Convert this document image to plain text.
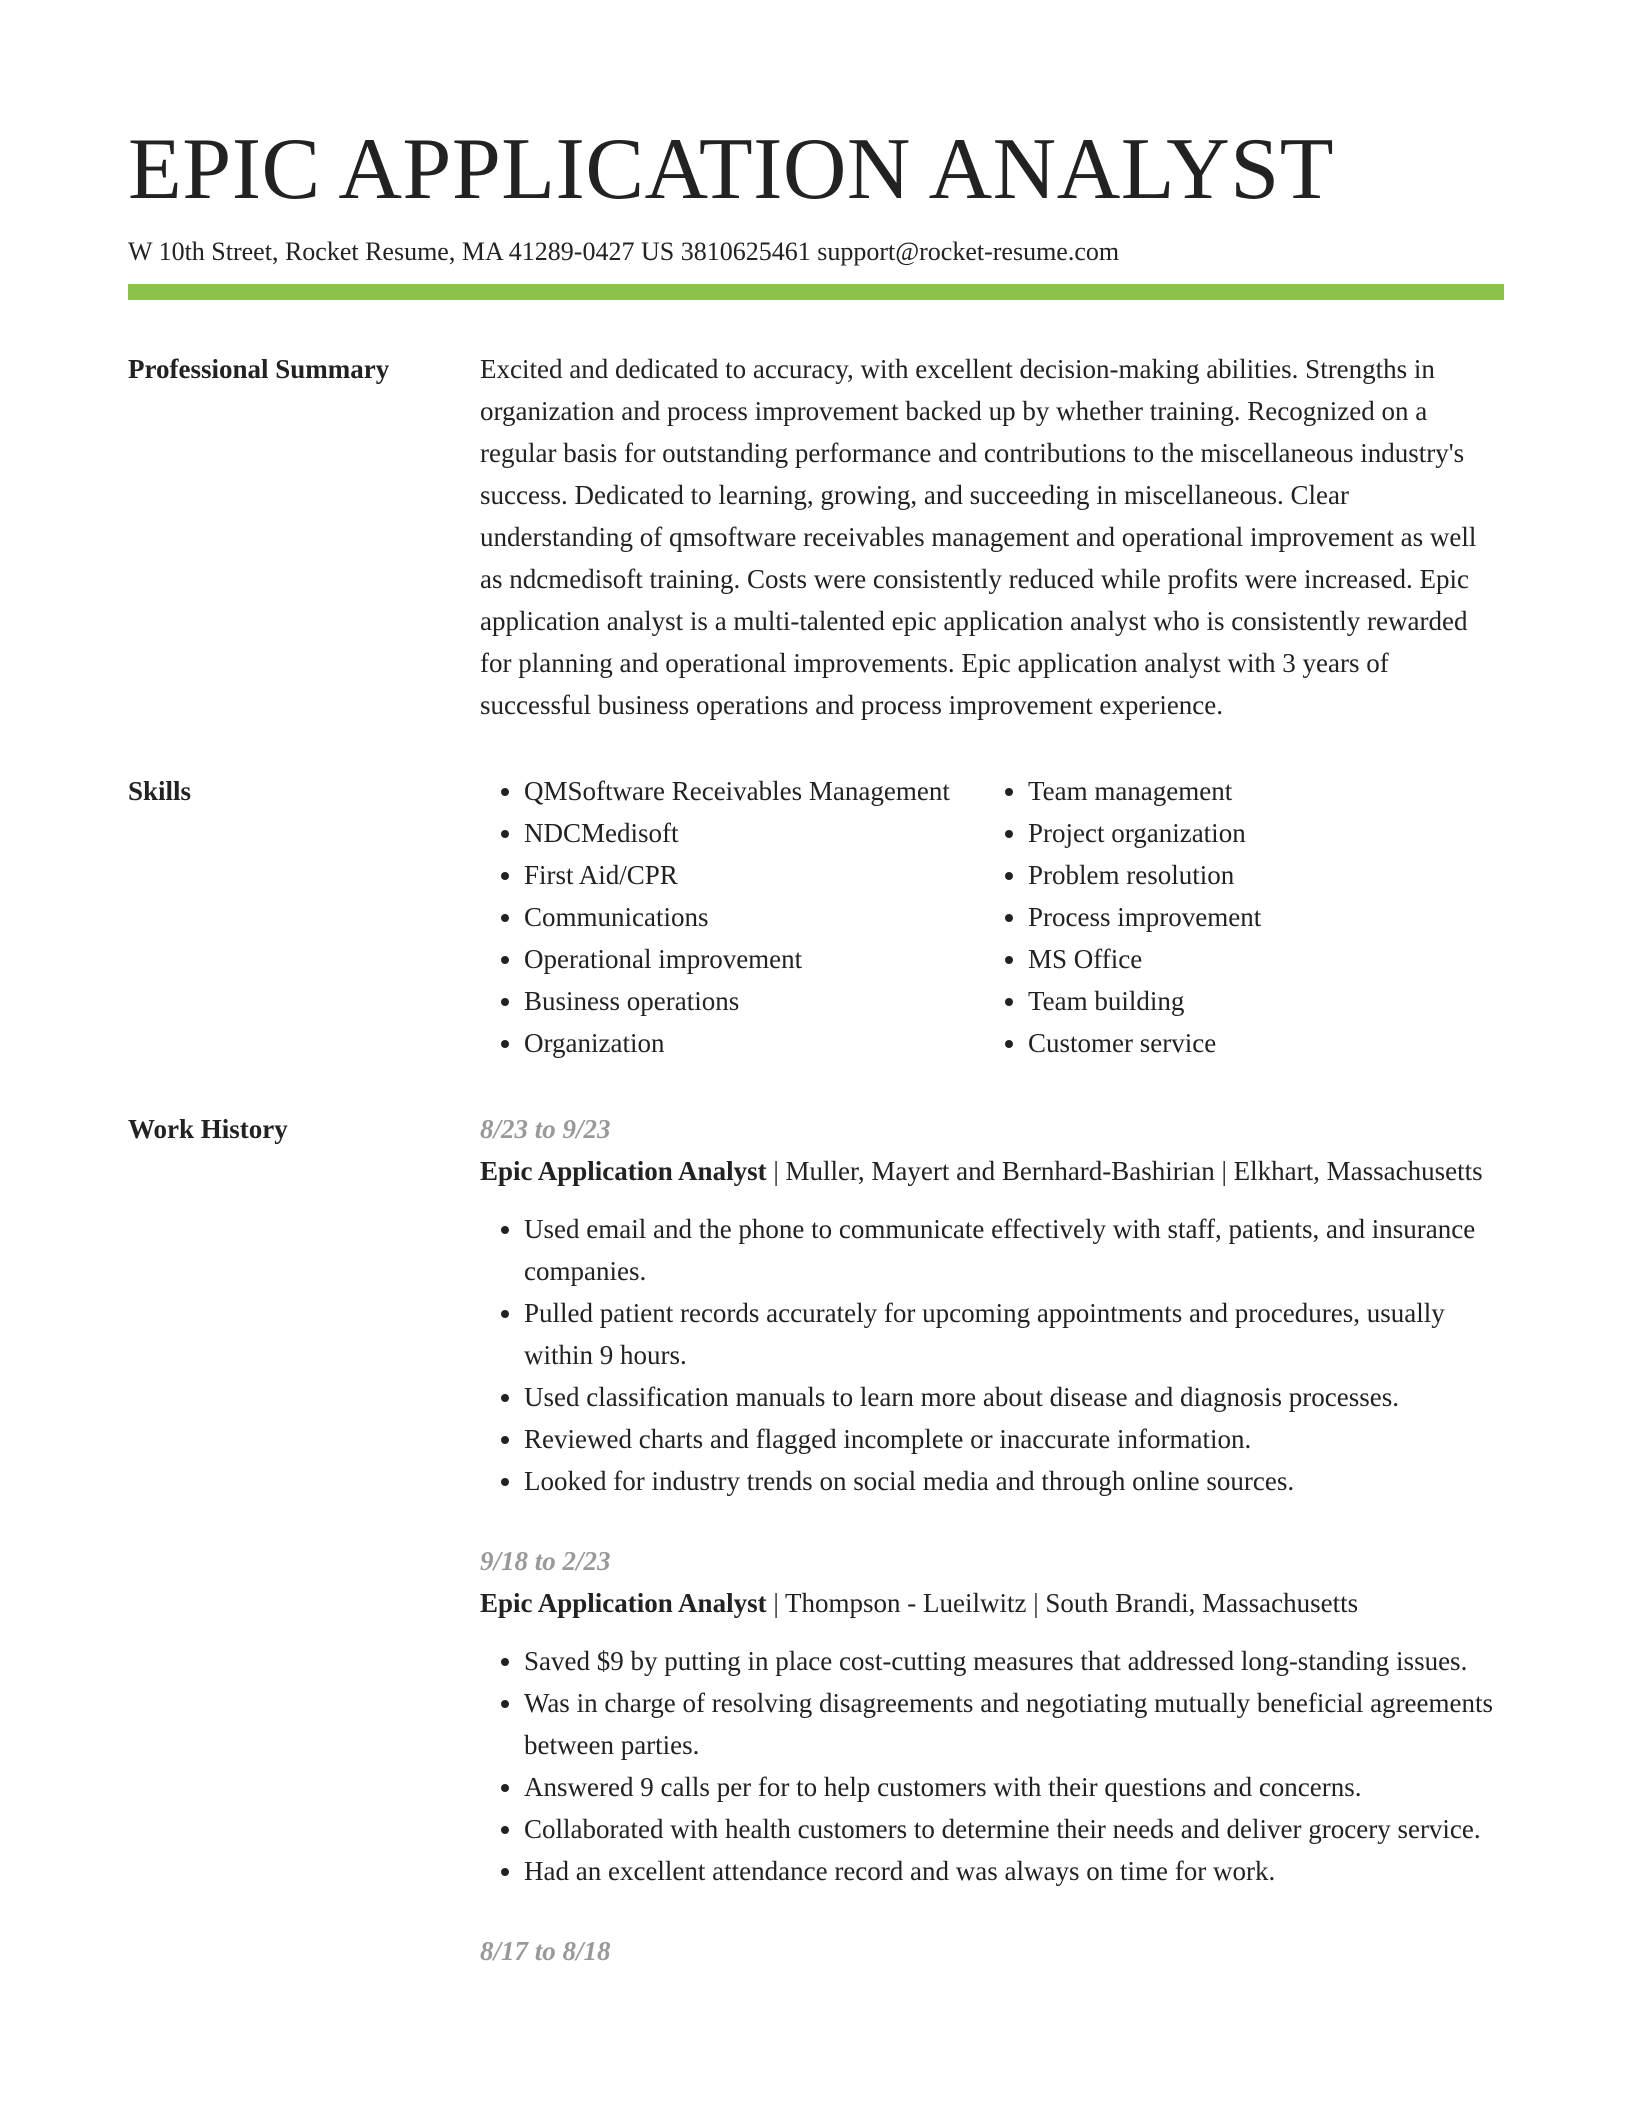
EPIC APPLICATION ANALYST
W 10th Street, Rocket Resume, MA 41289-0427 US 3810625461 support@rocket-resume.com
Professional Summary	Excited and dedicated to accuracy, with excellent decision-making abilities. Strengths in organization and process improvement backed up by whether training. Recognized on a regular basis for outstanding performance and contributions to the miscellaneous industry's success. Dedicated to learning, growing, and succeeding in miscellaneous. Clear understanding of qmsoftware receivables management and operational improvement as well as ndcmedisoft training. Costs were consistently reduced while profits were increased. Epic application analyst is a multi-talented epic application analyst who is consistently rewarded for planning and operational improvements. Epic application analyst with 3 years of successful business operations and process improvement experience.

Skills
•	QMSoftware Receivables Management
• NDCMedisoft
• First Aid/CPR
• Communications
• Operational improvement
• Business operations
• Organization
• Team management
• Project organization
• Problem resolution
• Process improvement
• MS Office
• Team building
• Customer service
Work History	8/23 to 9/23

Epic Application Analyst | Muller, Mayert and Bernhard-Bashirian | Elkhart, Massachusetts

• Used email and the phone to communicate effectively with staff, patients, and insurance companies.
• Pulled patient records accurately for upcoming appointments and procedures, usually within 9 hours.
• Used classification manuals to learn more about disease and diagnosis processes.
• Reviewed charts and flagged incomplete or inaccurate information.
• Looked for industry trends on social media and through online sources.
9/18 to 2/23

Epic Application Analyst | Thompson - Lueilwitz | South Brandi, Massachusetts

• Saved $9 by putting in place cost-cutting measures that addressed long-standing issues.
• Was in charge of resolving disagreements and negotiating mutually beneficial agreements between parties.
• Answered 9 calls per for to help customers with their questions and concerns.
• Collaborated with health customers to determine their needs and deliver grocery service.
• Had an excellent attendance record and was always on time for work.
8/17 to 8/18
